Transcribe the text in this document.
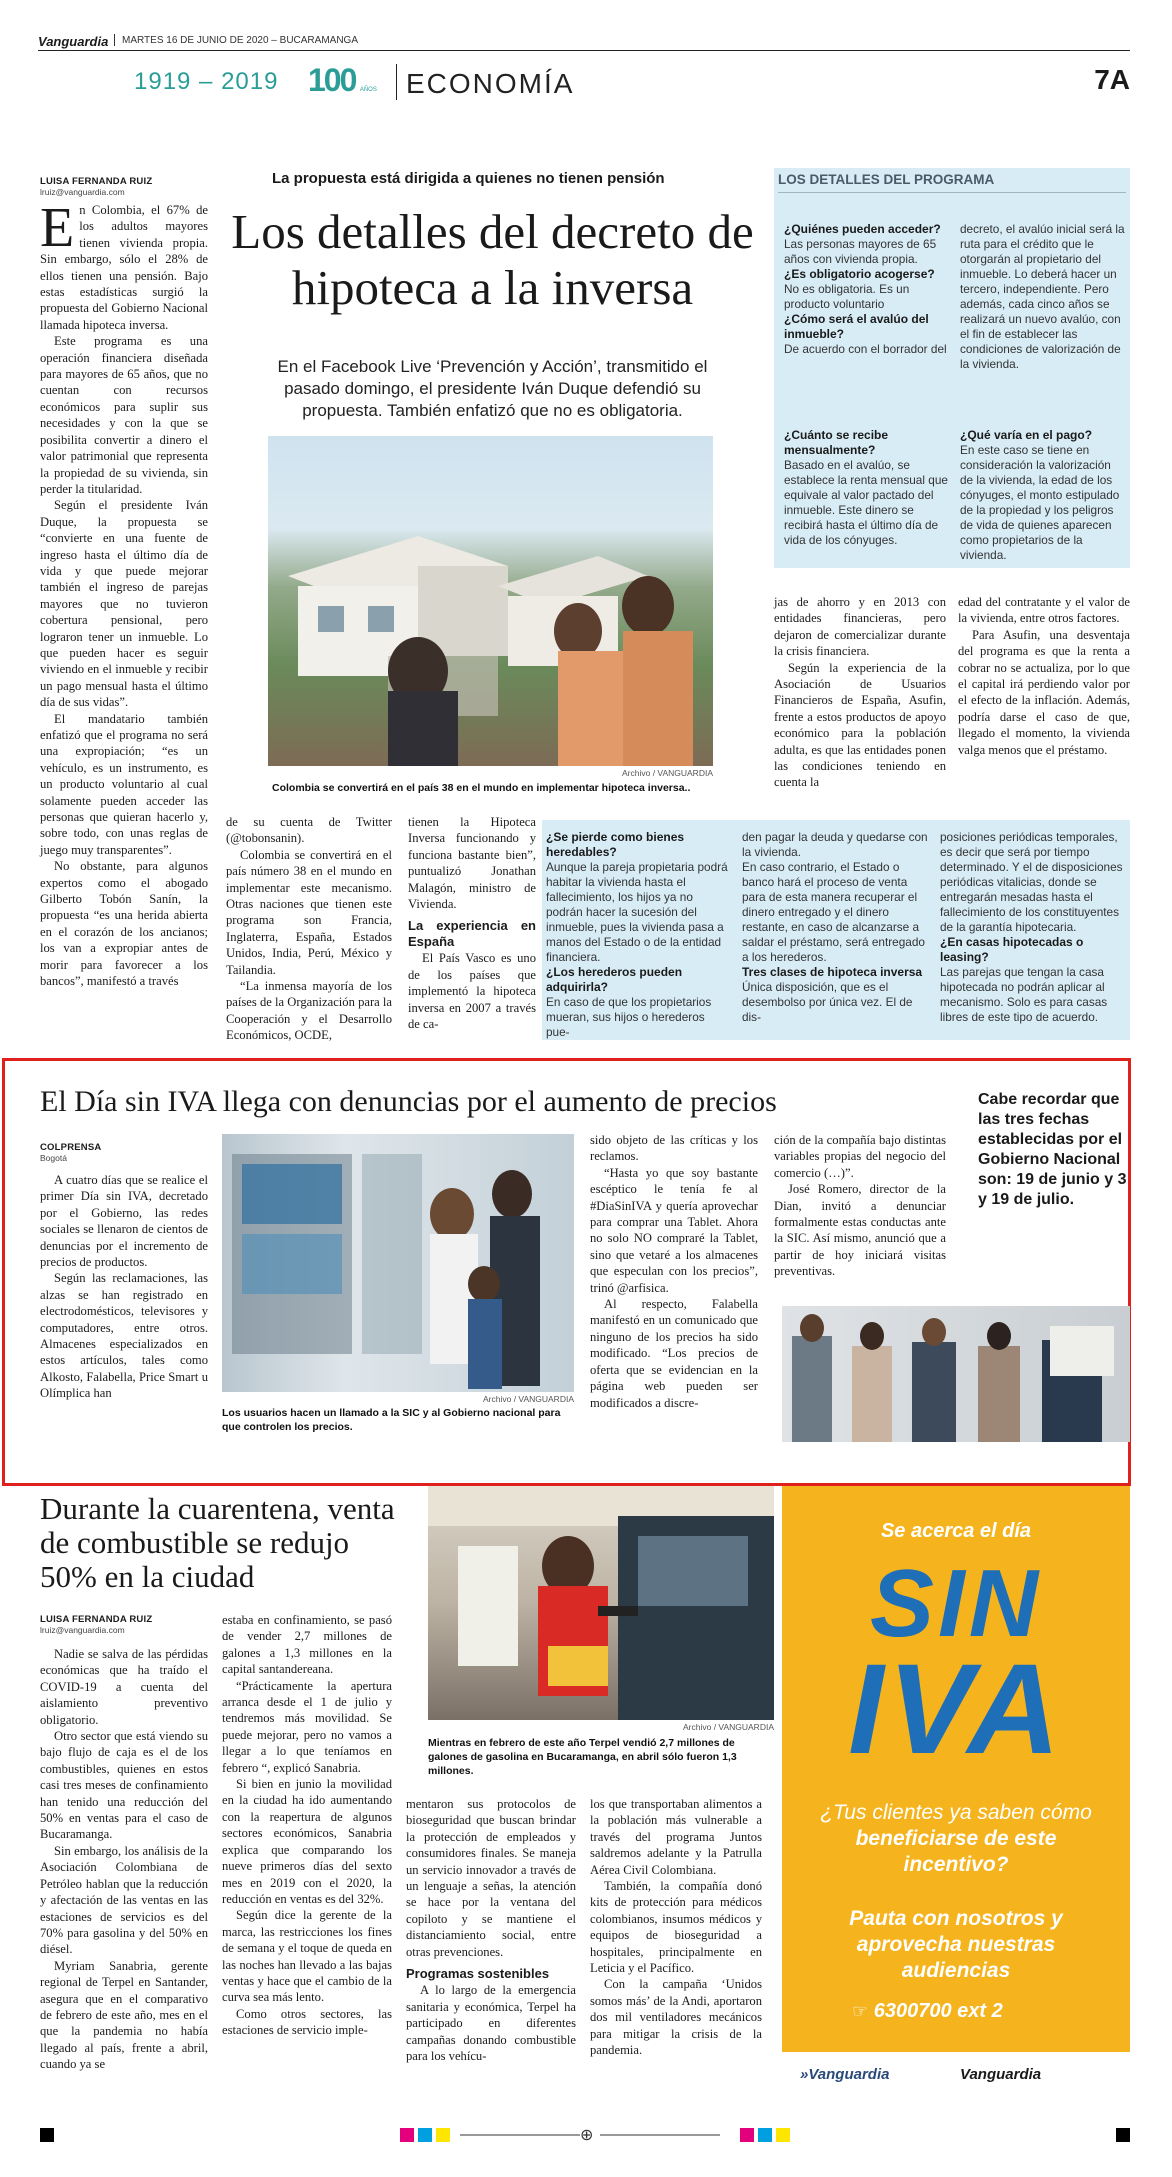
Vanguardia MARTES 16 DE JUNIO DE 2020 – BUCARAMANGA
1919 – 2019 100 AÑOS ECONOMÍA	7A
LUISA FERNANDA RUIZ
lruiz@vanguardia.com
La propuesta está dirigida a quienes no tienen pensión
Los detalles del decreto de hipoteca a la inversa
En el Facebook Live ‘Prevención y Acción’, transmitido el pasado domingo, el presidente Iván Duque defendió su propuesta. También enfatizó que no es obligatoria.
Archivo / VANGUARDIA
Colombia se convertirá en el país 38 en el mundo en implementar hipoteca inversa..

En Colombia, el 67% de los adultos mayores tienen vivienda propia. Sin embargo, sólo el 28% de ellos tienen una pensión. Bajo estas estadísticas surgió la propuesta del Gobierno Nacional llamada hipoteca inversa.

Este programa es una operación financiera diseñada para mayores de 65 años, que no cuentan con recursos económicos para suplir sus necesidades y con la que se posibilita convertir a dinero el valor patrimonial que representa la propiedad de su vivienda, sin perder la titularidad.

Según el presidente Iván Duque, la propuesta se “convierte en una fuente de ingreso hasta el último día de vida y que puede mejorar también el ingreso de parejas mayores que no tuvieron cobertura pensional, pero lograron tener un inmueble. Lo que pueden hacer es seguir viviendo en el inmueble y recibir un pago mensual hasta el último día de sus vidas”.

El mandatario también enfatizó que el programa no será una expropiación; “es un vehículo, es un instrumento, es un producto voluntario al cual solamente pueden acceder las personas que quieran hacerlo y, sobre todo, con unas reglas de juego muy transparentes”.

No obstante, para algunos expertos como el abogado Gilberto Tobón Sanín, la propuesta “es una herida abierta en el corazón de los ancianos; los van a expropiar antes de morir para favorecer a los bancos”, manifestó a través

de su cuenta de Twitter (@tobonsanin).

Colombia se convertirá en el país número 38 en el mundo en implementar este mecanismo. Otras naciones que tienen este programa son Francia, Inglaterra, España, Estados Unidos, India, Perú, México y Tailandia.

“La inmensa mayoría de los países de la Organización para la Cooperación y el Desarrollo Económicos, OCDE,

tienen la Hipoteca Inversa funcionando y funciona bastante bien”, puntualizó Jonathan Malagón, ministro de Vivienda.

La experiencia en España

El País Vasco es uno de los países que implementó la hipoteca inversa en 2007 a través de ca-

jas de ahorro y en 2013 con entidades financieras, pero dejaron de comercializar durante la crisis financiera.

Según la experiencia de la Asociación de Usuarios Financieros de España, Asufin, frente a estos productos de apoyo económico para la población adulta, es que las entidades ponen las condiciones teniendo en cuenta la

edad del contratante y el valor de la vivienda, entre otros factores.

Para Asufin, una desventaja del programa es que la renta a cobrar no se actualiza, por lo que el capital irá perdiendo valor por el efecto de la inflación. Además, podría darse el caso de que, llegado el momento, la vivienda valga menos que el préstamo.

LOS DETALLES DEL PROGRAMA
¿Quiénes pueden acceder?
Las personas mayores de 65 años con vivienda propia.
¿Es obligatorio acogerse?
No es obligatoria. Es un producto voluntario
¿Cómo será el avalúo del inmueble?
De acuerdo con el borrador del
decreto, el avalúo inicial será la ruta para el crédito que le otorgarán al propietario del inmueble. Lo deberá hacer un tercero, independiente. Pero además, cada cinco años se realizará un nuevo avalúo, con el fin de establecer las condiciones de valorización de la vivienda.
¿Cuánto se recibe mensualmente?
Basado en el avalúo, se establece la renta mensual que equivale al valor pactado del inmueble. Este dinero se recibirá hasta el último día de vida de los cónyuges.
¿Qué varía en el pago?
En este caso se tiene en consideración la valorización de la vivienda, la edad de los cónyuges, el monto estipulado de la propiedad y los peligros de vida de quienes aparecen como propietarios de la vivienda.
¿Se pierde como bienes heredables?
Aunque la pareja propietaria podrá habitar la vivienda hasta el fallecimiento, los hijos ya no podrán hacer la sucesión del inmueble, pues la vivienda pasa a manos del Estado o de la entidad financiera.
¿Los herederos pueden adquirirla?
En caso de que los propietarios mueran, sus hijos o herederos pue-
den pagar la deuda y quedarse con la vivienda.
En caso contrario, el Estado o banco hará el proceso de venta para de esta manera recuperar el dinero entregado y el dinero restante, en caso de alcanzarse a saldar el préstamo, será entregado a los herederos.
Tres clases de hipoteca inversa
Única disposición, que es el desembolso por única vez. El de dis-
posiciones periódicas temporales, es decir que será por tiempo determinado. Y el de disposiciones periódicas vitalicias, donde se entregarán mesadas hasta el fallecimiento de los constituyentes de la garantía hipotecaria.
¿En casas hipotecadas o leasing?
Las parejas que tengan la casa hipotecada no podrán aplicar al mecanismo. Solo es para casas libres de este tipo de acuerdo.
El Día sin IVA llega con denuncias por el aumento de precios
COLPRENSA
Bogotá

A cuatro días que se realice el primer Día sin IVA, decretado por el Gobierno, las redes sociales se llenaron de cientos de denuncias por el incremento de precios de productos.

Según las reclamaciones, las alzas se han registrado en electrodomésticos, televisores y computadores, entre otros. Almacenes especializados en estos artículos, tales como Alkosto, Falabella, Price Smart u Olímplica han	Archivo / VANGUARDIA
Los usuarios hacen un llamado a la SIC y al Gobierno nacional para que controlen los precios.

sido objeto de las críticas y los reclamos.

“Hasta yo que soy bastante escéptico le tenía fe al #DiaSinIVA y quería aprovechar para comprar una Tablet. Ahora no solo NO compraré la Tablet, sino que vetaré a los almacenes que especulan con los precios”, trinó @arfisica.

Al respecto, Falabella manifestó en un comunicado que ninguno de los precios ha sido modificado. “Los precios de oferta que se evidencian en la página web pueden ser modificados a discre-

ción de la compañía bajo distintas variables propias del negocio del comercio (…)”.

José Romero, director de la Dian, invitó a denunciar formalmente estas conductas ante la SIC. Así mismo, anunció que a partir de hoy iniciará visitas preventivas.

Cabe recordar que las tres fechas establecidas por el Gobierno Nacional son: 19 de junio y 3 y 19 de julio.
Durante la cuarentena, venta de combustible se redujo 50% en la ciudad
LUISA FERNANDA RUIZ
lruiz@vanguardia.com
Archivo / VANGUARDIA
Mientras en febrero de este año Terpel vendió 2,7 millones de galones de gasolina en Bucaramanga, en abril sólo fueron 1,3 millones.

Nadie se salva de las pérdidas económicas que ha traído el COVID-19 a cuenta del aislamiento preventivo obligatorio.

Otro sector que está viendo su bajo flujo de caja es el de los combustibles, quienes en estos casi tres meses de confinamiento han tenido una reducción del 50% en ventas para el caso de Bucaramanga.

Sin embargo, los análisis de la Asociación Colombiana de Petróleo hablan que la reducción y afectación de las ventas en las estaciones de servicios es del 70% para gasolina y del 50% en diésel.

Myriam Sanabria, gerente regional de Terpel en Santander, asegura que en el comparativo de febrero de este año, mes en el que la pandemia no había llegado al país, frente a abril, cuando ya se

estaba en confinamiento, se pasó de vender 2,7 millones de galones a 1,3 millones en la capital santandereana.

“Prácticamente la apertura arranca desde el 1 de julio y tendremos más movilidad. Se puede mejorar, pero no vamos a llegar a lo que teníamos en febrero “, explicó Sanabria.

Si bien en junio la movilidad en la ciudad ha ido aumentando con la reapertura de algunos sectores económicos, Sanabria explica que comparando los nueve primeros días del sexto mes en 2019 con el 2020, la reducción en ventas es del 32%.

Según dice la gerente de la marca, las restricciones los fines de semana y el toque de queda en las noches han llevado a las bajas ventas y hace que el cambio de la curva sea más lento.

Como otros sectores, las estaciones de servicio imple-

mentaron sus protocolos de bioseguridad que buscan brindar la protección de empleados y consumidores finales. Se maneja un servicio innovador a través de un lenguaje a señas, la atención se hace por la ventana del copiloto y se mantiene el distanciamiento social, entre otras prevenciones.

Programas sostenibles

A lo largo de la emergencia sanitaria y económica, Terpel ha participado en diferentes campañas donando combustible para los vehícu-

los que transportaban alimentos a la población más vulnerable a través del programa Juntos saldremos adelante y la Patrulla Aérea Civil Colombiana.

También, la compañía donó kits de protección para médicos colombianos, insumos médicos y equipos de bioseguridad a hospitales, principalmente en Leticia y el Pacífico.

Con la campaña ‘Unidos somos más’ de la Andi, aportaron dos mil ventiladores mecánicos para mitigar la crisis de la pandemia.

Se acerca el día
SIN
IVA
¿Tus clientes ya saben cómo beneficiarse de este incentivo?
Pauta con nosotros y aprovecha nuestras audiencias
☞ 6300700 ext 2
»Vanguardia	Vanguardia
⊕
